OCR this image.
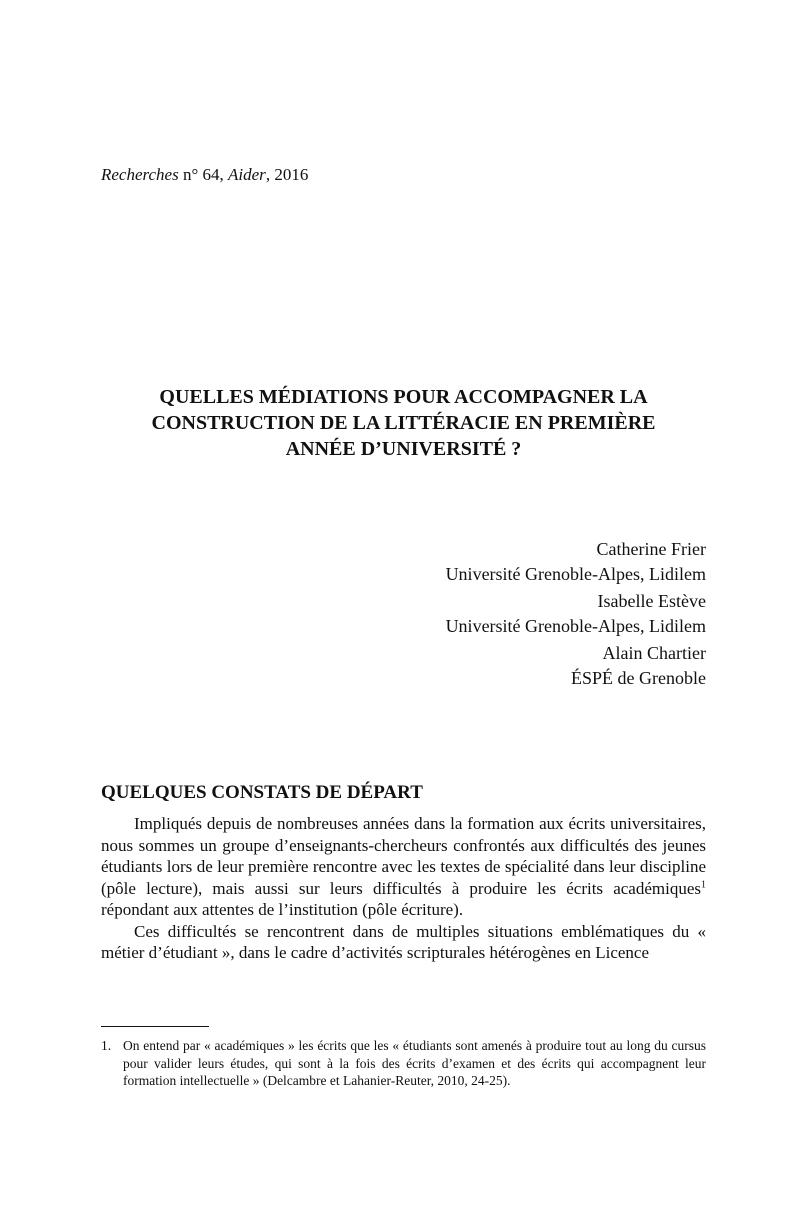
Recherches n° 64, Aider, 2016
QUELLES MÉDIATIONS POUR ACCOMPAGNER LA
CONSTRUCTION DE LA LITTÉRACIE EN PREMIÈRE
ANNÉE D’UNIVERSITÉ ?
Catherine Frier
Université Grenoble-Alpes, Lidilem
Isabelle Estève
Université Grenoble-Alpes, Lidilem
Alain Chartier
ÉSPÉ de Grenoble
QUELQUES CONSTATS DE DÉPART

Impliqués depuis de nombreuses années dans la formation aux écrits universitaires, nous sommes un groupe d’enseignants-chercheurs confrontés aux difficultés des jeunes étudiants lors de leur première rencontre avec les textes de spécialité dans leur discipline (pôle lecture), mais aussi sur leurs difficultés à produire les écrits académiques$^1$ répondant aux attentes de l’institution (pôle écriture).

Ces difficultés se rencontrent dans de multiples situations emblématiques du « métier d’étudiant », dans le cadre d’activités scripturales hétérogènes en Licence

1. On entend par « académiques » les écrits que les « étudiants sont amenés à produire tout au long du cursus pour valider leurs études, qui sont à la fois des écrits d’examen et des écrits qui accompagnent leur formation intellectuelle » (Delcambre et Lahanier-Reuter, 2010, 24-25).
